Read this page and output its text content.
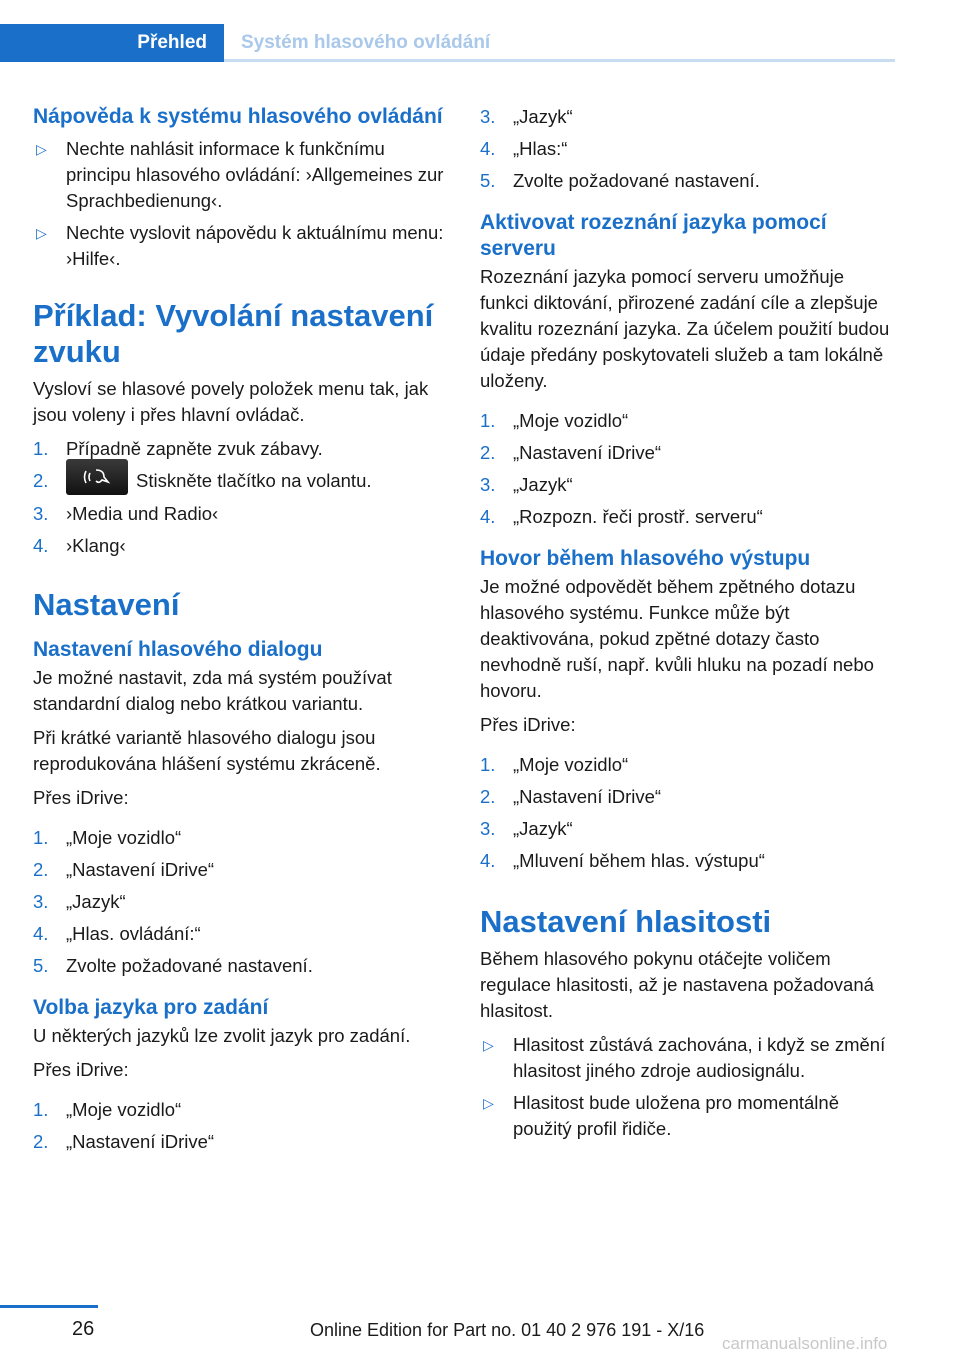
Přehled	Systém hlasového ovládání
Nápověda k systému hlasového ovládání
▷ Nechte nahlásit informace k funkčnímu principu hlasového ovládání: ›Allgemeines zur Sprachbedienung‹.
▷ Nechte vyslovit nápovědu k aktuálnímu menu: ›Hilfe‹.
Příklad: Vyvolání nastavení zvuku
Vysloví se hlasové povely položek menu tak, jak jsou voleny i přes hlavní ovládač.
1. Případně zapněte zvuk zábavy.
2.	Stiskněte tlačítko na volantu.
3. ›Media und Radio‹
4. ›Klang‹
Nastavení
Nastavení hlasového dialogu
Je možné nastavit, zda má systém používat standardní dialog nebo krátkou variantu.
Při krátké variantě hlasového dialogu jsou reprodukována hlášení systému zkráceně.
Přes iDrive:
1. „Moje vozidlo“
2. „Nastavení iDrive“
3. „Jazyk“
4. „Hlas. ovládání:“
5. Zvolte požadované nastavení.
Volba jazyka pro zadání
U některých jazyků lze zvolit jazyk pro zadání.
Přes iDrive:
1. „Moje vozidlo“
2. „Nastavení iDrive“
3. „Jazyk“
4. „Hlas:“
5. Zvolte požadované nastavení.
Aktivovat rozeznání jazyka pomocí serveru
Rozeznání jazyka pomocí serveru umožňuje funkci diktování, přirozené zadání cíle a zlepšuje kvalitu rozeznání jazyka. Za účelem použití budou údaje předány poskytovateli služeb a tam lokálně uloženy.
1. „Moje vozidlo“
2. „Nastavení iDrive“
3. „Jazyk“
4. „Rozpozn. řeči prostř. serveru“
Hovor během hlasového výstupu
Je možné odpovědět během zpětného dotazu hlasového systému. Funkce může být deaktivována, pokud zpětné dotazy často nevhodně ruší, např. kvůli hluku na pozadí nebo hovoru.
Přes iDrive:
1. „Moje vozidlo“
2. „Nastavení iDrive“
3. „Jazyk“
4. „Mluvení během hlas. výstupu“
Nastavení hlasitosti
Během hlasového pokynu otáčejte voličem regulace hlasitosti, až je nastavena požadovaná hlasitost.
▷ Hlasitost zůstává zachována, i když se změní hlasitost jiného zdroje audiosignálu.
▷ Hlasitost bude uložena pro momentálně použitý profil řidiče.
26	Online Edition for Part no. 01 40 2 976 191 - X/16
carmanualsonline.info
